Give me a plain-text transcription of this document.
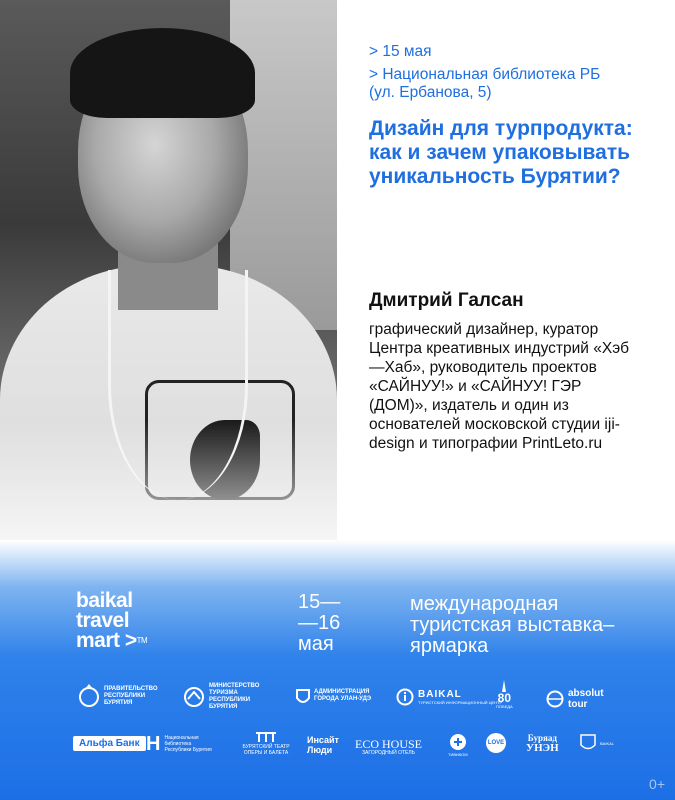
> 15 мая
> Национальная библиотека РБ (ул. Ербанова, 5)
Дизайн для турпродукта: как и зачем упаковывать уникальность Бурятии?
Дмитрий Галсан
графический дизайнер, куратор Центра креативных индустрий «Хэб—Хаб», руководитель проектов «САЙНУУ!» и «САЙНУУ! ГЭР (ДОМ)», издатель и один из основателей московской студии iji-design и типографии PrintLeto.ru
baikal
travel
mart >™
15—
—16
мая
международная туристская выставка–ярмарка
ПРАВИТЕЛЬСТВО РЕСПУБЛИКИ БУРЯТИЯ
МИНИСТЕРСТВО ТУРИЗМА РЕСПУБЛИКИ БУРЯТИЯ
АДМИНИСТРАЦИЯ ГОРОДА УЛАН-УДЭ	BAIKAL
ТУРИСТСКИЙ ИНФОРМАЦИОННЫЙ ЦЕНТР
80
ПОБЕДА
absolut tour
Альфа Банк H Национальная библиотека Республики Бурятия	БУРЯТСКИЙ ТЕАТР ОПЕРЫ И БАЛЕТА
Инсайт Люди	ECO HOUSE
ЗАГОРОДНЫЙ ОТЕЛЬ	ТИВИКОМ
LOVE	Буряад
УНЭН	BAIKAL
0+
